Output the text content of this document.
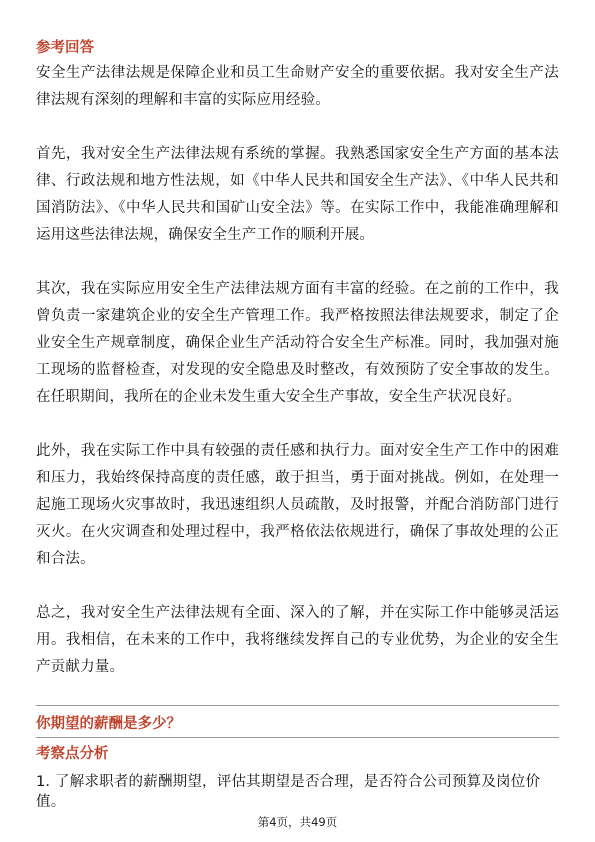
参考回答

安全生产法律法规是保障企业和员工生命财产安全的重要依据。我对安全生产法律法规有深刻的理解和丰富的实际应用经验。

首先，我对安全生产法律法规有系统的掌握。我熟悉国家安全生产方面的基本法律、行政法规和地方性法规，如《中华人民共和国安全生产法》、《中华人民共和国消防法》、《中华人民共和国矿山安全法》等。在实际工作中，我能准确理解和运用这些法律法规，确保安全生产工作的顺利开展。

其次，我在实际应用安全生产法律法规方面有丰富的经验。在之前的工作中，我曾负责一家建筑企业的安全生产管理工作。我严格按照法律法规要求，制定了企业安全生产规章制度，确保企业生产活动符合安全生产标准。同时，我加强对施工现场的监督检查，对发现的安全隐患及时整改，有效预防了安全事故的发生。在任职期间，我所在的企业未发生重大安全生产事故，安全生产状况良好。

此外，我在实际工作中具有较强的责任感和执行力。面对安全生产工作中的困难和压力，我始终保持高度的责任感，敢于担当，勇于面对挑战。例如，在处理一起施工现场火灾事故时，我迅速组织人员疏散，及时报警，并配合消防部门进行灭火。在火灾调查和处理过程中，我严格依法依规进行，确保了事故处理的公正和合法。

总之，我对安全生产法律法规有全面、深入的了解，并在实际工作中能够灵活运用。我相信，在未来的工作中，我将继续发挥自己的专业优势，为企业的安全生产贡献力量。

你期望的薪酬是多少？
考察点分析
1. 了解求职者的薪酬期望，评估其期望是否合理，是否符合公司预算及岗位价值。
第4页，共49页
